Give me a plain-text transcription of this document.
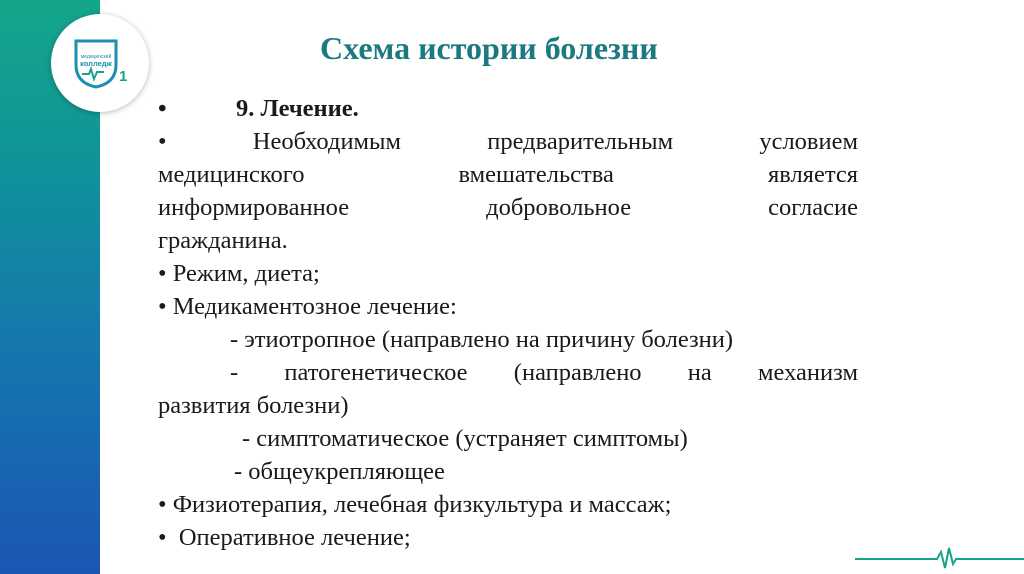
медицинский
колледж
1
Схема истории болезни
•	9. Лечение.
•	Необходимым	предварительным	условием
медицинского	вмешательства	является
информированное	добровольное	согласие
гражданина.
• Режим, диета;
• Медикаментозное лечение:
- этиотропное (направлено на причину болезни)
- патогенетическое (направлено на механизм
развития болезни)
- симптоматическое (устраняет симптомы)
- общеукрепляющее
• Физиотерапия, лечебная физкультура и массаж;
•  Оперативное лечение;
